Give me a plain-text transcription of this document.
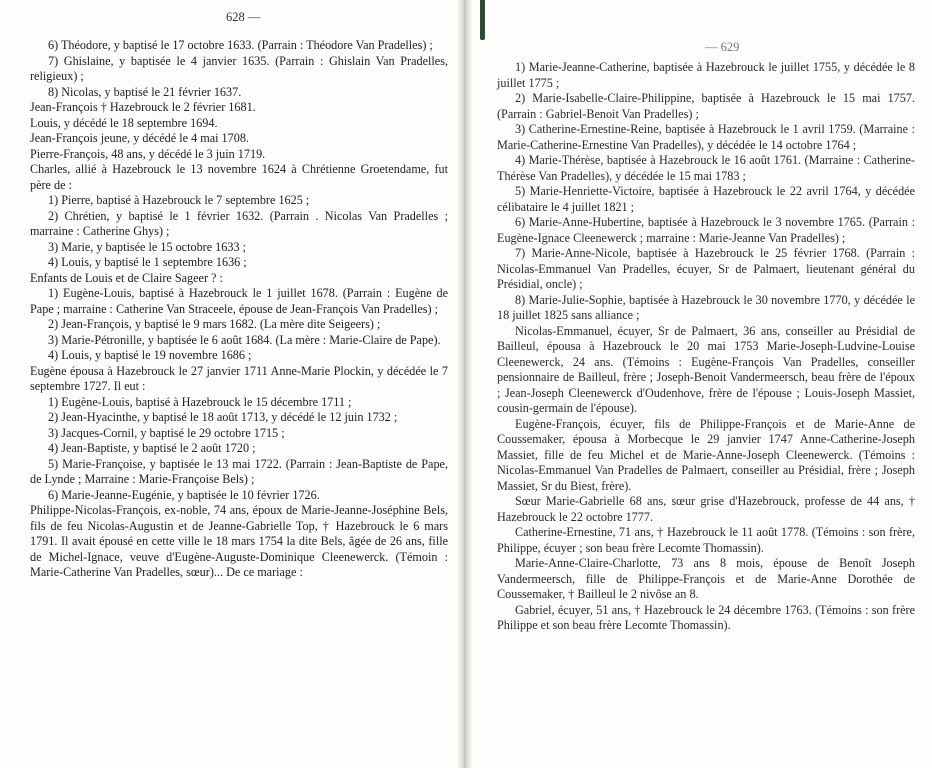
628 —

6) Théodore, y baptisé le 17 octobre 1633. (Parrain : Théodore Van Pradelles) ;

7) Ghislaine, y baptisée le 4 janvier 1635. (Parrain : Ghislain Van Pradelles, religieux) ;

8) Nicolas, y baptisé le 21 février 1637.

Jean-François † Hazebrouck le 2 février 1681.

Louis, y décédé le 18 septembre 1694.

Jean-François jeune, y décédé le 4 mai 1708.

Pierre-François, 48 ans, y décédé le 3 juin 1719.

Charles, allié à Hazebrouck le 13 novembre 1624 à Chrétienne Groetendame, fut père de :

1) Pierre, baptisé à Hazebrouck le 7 septembre 1625 ;

2) Chrétien, y baptisé le 1 février 1632. (Parrain . Nicolas Van Pradelles ; marraine : Catherine Ghys) ;

3) Marie, y baptisée le 15 octobre 1633 ;

4) Louis, y baptisé le 1 septembre 1636 ;

Enfants de Louis et de Claire Sageer ? :

1) Eugène-Louis, baptisé à Hazebrouck le 1 juillet 1678. (Parrain : Eugène de Pape ; marraine : Catherine Van Straceele, épouse de Jean-François Van Pradelles) ;

2) Jean-François, y baptisé le 9 mars 1682. (La mère dite Seigeers) ;

3) Marie-Pétronille, y baptisée le 6 août 1684. (La mère : Marie-Claire de Pape).

4) Louis, y baptisé le 19 novembre 1686 ;

Eugène épousa à Hazebrouck le 27 janvier 1711 Anne-Marie Plockin, y décédée le 7 septembre 1727. Il eut :

1) Eugène-Louis, baptisé à Hazebrouck le 15 décembre 1711 ;

2) Jean-Hyacinthe, y baptisé le 18 août 1713, y décédé le 12 juin 1732 ;

3) Jacques-Cornil, y baptisé le 29 octobre 1715 ;

4) Jean-Baptiste, y baptisé le 2 août 1720 ;

5) Marie-Françoise, y baptisée le 13 mai 1722. (Parrain : Jean-Baptiste de Pape, de Lynde ; Marraine : Marie-Françoise Bels) ;

6) Marie-Jeanne-Eugénie, y baptisée le 10 février 1726.

Philippe-Nicolas-François, ex-noble, 74 ans, époux de Marie-Jeanne-Joséphine Bels, fils de feu Nicolas-Augustin et de Jeanne-Gabrielle Top, † Hazebrouck le 6 mars 1791. Il avait épousé en cette ville le 18 mars 1754 la dite Bels, âgée de 26 ans, fille de Michel-Ignace, veuve d'Eugène-Auguste-Dominique Cleenewerck. (Témoin : Marie-Catherine Van Pradelles, sœur)... De ce mariage :

— 629

1) Marie-Jeanne-Catherine, baptisée à Hazebrouck le juillet 1755, y décédée le 8 juillet 1775 ;

2) Marie-Isabelle-Claire-Philippine, baptisée à Hazebrouck le 15 mai 1757. (Parrain : Gabriel-Benoit Van Pradelles) ;

3) Catherine-Ernestine-Reine, baptisée à Hazebrouck le 1 avril 1759. (Marraine : Marie-Catherine-Ernestine Van Pradelles), y décédée le 14 octobre 1764 ;

4) Marie-Thérèse, baptisée à Hazebrouck le 16 août 1761. (Marraine : Catherine-Thérèse Van Pradelles), y décédée le 15 mai 1783 ;

5) Marie-Henriette-Victoire, baptisée à Hazebrouck le 22 avril 1764, y décédée célibataire le 4 juillet 1821 ;

6) Marie-Anne-Hubertine, baptisée à Hazebrouck le 3 novembre 1765. (Parrain : Eugène-Ignace Cleenewerck ; marraine : Marie-Jeanne Van Pradelles) ;

7) Marie-Anne-Nicole, baptisée à Hazebrouck le 25 février 1768. (Parrain : Nicolas-Emmanuel Van Pradelles, écuyer, Sr de Palmaert, lieutenant général du Présidial, oncle) ;

8) Marie-Julie-Sophie, baptisée à Hazebrouck le 30 novembre 1770, y décédée le 18 juillet 1825 sans alliance ;

Nicolas-Emmanuel, écuyer, Sr de Palmaert, 36 ans, conseiller au Présidial de Bailleul, épousa à Hazebrouck le 20 mai 1753 Marie-Joseph-Ludvine-Louise Cleenewerck, 24 ans. (Témoins : Eugène-François Van Pradelles, conseiller pensionnaire de Bailleul, frère ; Joseph-Benoit Vandermeersch, beau frère de l'époux ; Jean-Joseph Cleenewerck d'Oudenhove, frère de l'épouse ; Louis-Joseph Massiet, cousin-germain de l'épouse).

Eugène-François, écuyer, fils de Philippe-François et de Marie-Anne de Coussemaker, épousa à Morbecque le 29 janvier 1747 Anne-Catherine-Joseph Massiet, fille de feu Michel et de Marie-Anne-Joseph Cleenewerck. (Témoins : Nicolas-Emmanuel Van Pradelles de Palmaert, conseiller au Présidial, frère ; Joseph Massiet, Sr du Biest, frère).

Sœur Marie-Gabrielle 68 ans, sœur grise d'Hazebrouck, professe de 44 ans, † Hazebrouck le 22 octobre 1777.

Catherine-Ernestine, 71 ans, † Hazebrouck le 11 août 1778. (Témoins : son frère, Philippe, écuyer ; son beau frère Lecomte Thomassin).

Marie-Anne-Claire-Charlotte, 73 ans 8 mois, épouse de Benoît Joseph Vandermeersch, fille de Philippe-François et de Marie-Anne Dorothée de Coussemaker, † Bailleul le 2 nivôse an 8.

Gabriel, écuyer, 51 ans, † Hazebrouck le 24 décembre 1763. (Témoins : son frère Philippe et son beau frère Lecomte Thomassin).
